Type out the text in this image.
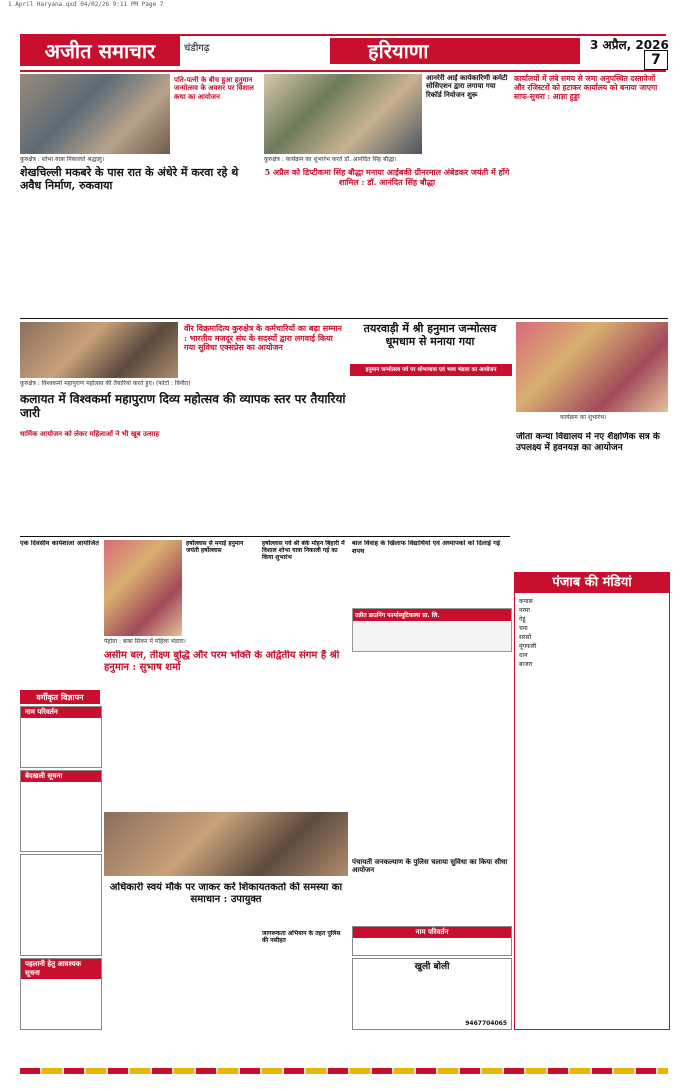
1 April Haryana.qxd 04/02/26 9:11 PM Page 7
अजीत समाचार	चंडीगढ़	हरियाणा	3 अप्रैल, 2026
7
पति-पत्नी के बीच हुआ हनुमान जन्मोत्सव के अवसर पर विशाल कथा का आयोजन
कुरुक्षेत्र : शोभा यात्रा निकालते श्रद्धालु।
शेखचिल्ली मकबरे के पास रात के अंधेरे में करवा रहे थे अवैध निर्माण, रुकवाया
कुरुक्षेत्र : कार्यक्रम का शुभारंभ करते डॉ. आनंदित सिंह बौद्धा।
5 अप्रैल को डिप्टीकमा सिंह बौद्धा मनाया आईबकी ग्रीनरमाल अंबेडकर जयंती में होंगे शामिल : डॉ. आनंदित सिंह बौद्धा
आनरेरी आई कार्यकारिणी कमेटी सोसिएशन द्वारा लगाया गया रिकॉर्ड नियोजन शुरू
कार्यालयों में लंबे समय से जमा अनुपस्थित दस्तावेजों और रजिस्टरों को हटाकर कार्यालय को बनाया जाएगा साफ-सुथरा : आज्ञा हुड्डा
कुरुक्षेत्र : विश्वकर्मा महापुराण महोत्सव की तैयारियां करते हुए। (फोटो : विनीत)
वीर विक्रमादित्य कुरुक्षेत्र के कर्मचारियों का बढ़ा सम्मान : भारतीय मजदूर संघ के सदस्यों द्वारा लगवाई किया गया सुविधा एक्सप्रेस का आयोजन
तयरवाड़ी में श्री हनुमान जन्मोत्सव धूमधाम से मनाया गया
हनुमान जन्मोत्सव पर्व पर शोभायात्रा एवं भव्य भंडारा का आयोजन
कार्यक्रम का शुभारंभ।
जीता कन्या विद्यालय में नए शैक्षणिक सत्र के उपलक्ष्य में हवनयज्ञ का आयोजन
कलायत में विश्वकर्मा महापुराण दिव्य महोत्सव की व्यापक स्तर पर तैयारियां जारी
धार्मिक आयोजन को लेकर महिलाओं ने भी खूब उत्साह
एक दिवसीय कार्यशाला आयोजित
पेहोवा : बाबा सिकर में महिला भंडारा।
हर्षोल्लास से मनाई हनुमान जयंती हर्षोल्लास
हर्षोल्लास पर्व श्री बंके मोहन बिहारी में विशाल शोभा यात्रा निकाली गई का किया शुभारंभ
बाल विवाह के खिलाफ विद्यार्थियों एवं अध्यापकों को दिलाई गई शपथ
उन्नीत डाउनिंग फार्मास्यूटिकल्स प्रा. लि.
असीम बल, तीक्ष्ण बुद्धि और परम भक्ति के अद्वितीय संगम हैं श्री हनुमान : सुभाष शर्मा
पंचायती जनकल्याण के पुलिस चलाया सुविधा का किया सीधा आयोजन
वर्गीकृत विज्ञापन
नाम परिवर्तन
बेदखली सूचना
पहलानी हेतु आवश्यक सूचना
अधिकारी स्वयं मौके पर जाकर करें शिकायतकर्ता की समस्या का समाधान : उपायुक्त
नाम परिवर्तन
खुली बोली
9467704065
जागरूकता अभियान के तहत पुलिस की नसीहत
पंजाब की मंडियां
कपास
नरमा
गेहूं
चना
सरसों
मूंगफली
धान
बाजरा
